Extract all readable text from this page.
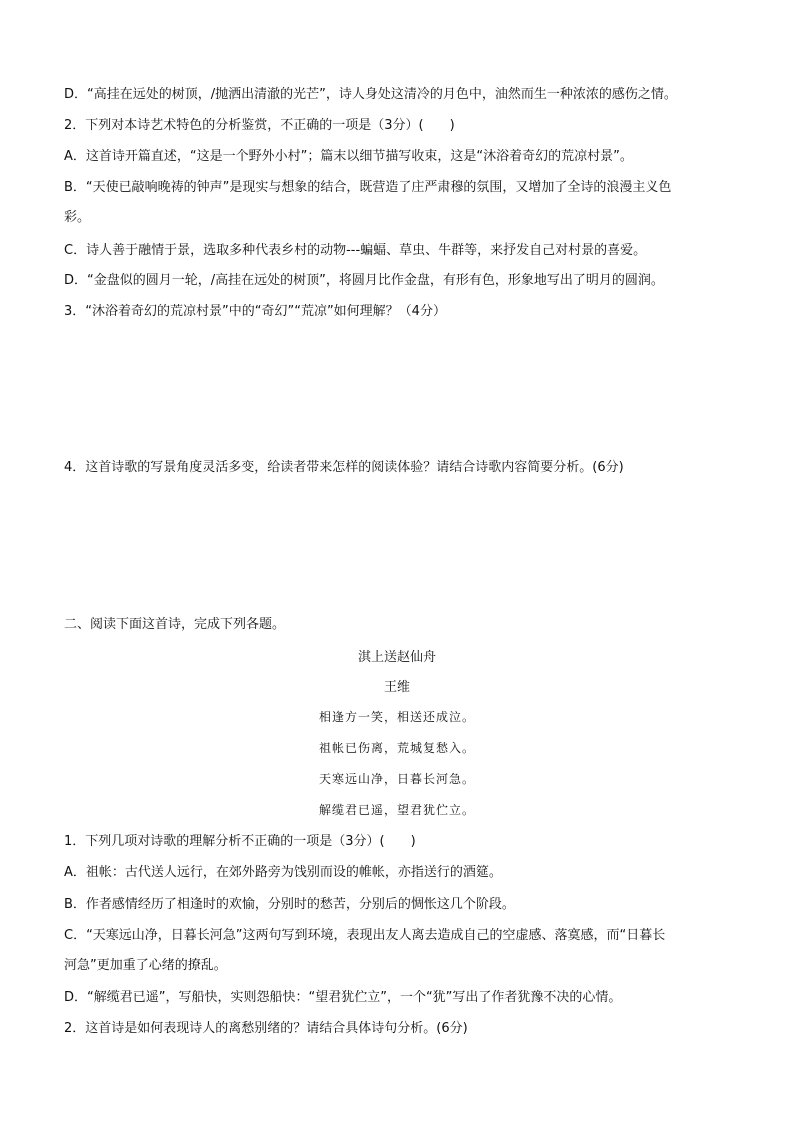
D．“高挂在远处的树顶，/抛洒出清澈的光芒”，诗人身处这清冷的月色中，油然而生一种浓浓的感伤之情。
2．下列对本诗艺术特色的分析鉴赏，不正确的一项是（3分）(　　)
A．这首诗开篇直述，“这是一个野外小村”；篇末以细节描写收束，这是“沐浴着奇幻的荒凉村景”。
B．“天使已敲响晚祷的钟声”是现实与想象的结合，既营造了庄严肃穆的氛围，又增加了全诗的浪漫主义色
彩。
C．诗人善于融情于景，选取多种代表乡村的动物---蝙蝠、草虫、牛群等，来抒发自己对村景的喜爱。
D．“金盘似的圆月一轮，/高挂在远处的树顶”，将圆月比作金盘，有形有色，形象地写出了明月的圆润。
3．“沐浴着奇幻的荒凉村景”中的“奇幻”“荒凉”如何理解？（4分）
4．这首诗歌的写景角度灵活多变，给读者带来怎样的阅读体验？请结合诗歌内容简要分析。(6分)
二、阅读下面这首诗，完成下列各题。
淇上送赵仙舟
王维
相逢方一笑，相送还成泣。
祖帐已伤离，荒城复愁入。
天寒远山净，日暮长河急。
解缆君已遥，望君犹伫立。
1．下列几项对诗歌的理解分析不正确的一项是（3分）(　　)
A．祖帐：古代送人远行，在郊外路旁为饯别而设的帷帐，亦指送行的酒筵。
B．作者感情经历了相逢时的欢愉，分别时的愁苦，分别后的惆怅这几个阶段。
C．“天寒远山净，日暮长河急”这两句写到环境，表现出友人离去造成自己的空虚感、落寞感，而“日暮长
河急”更加重了心绪的撩乱。
D．“解缆君已遥”，写船快，实则怨船快：“望君犹伫立”，一个“犹”写出了作者犹豫不决的心情。
2．这首诗是如何表现诗人的离愁别绪的？请结合具体诗句分析。(6分)
